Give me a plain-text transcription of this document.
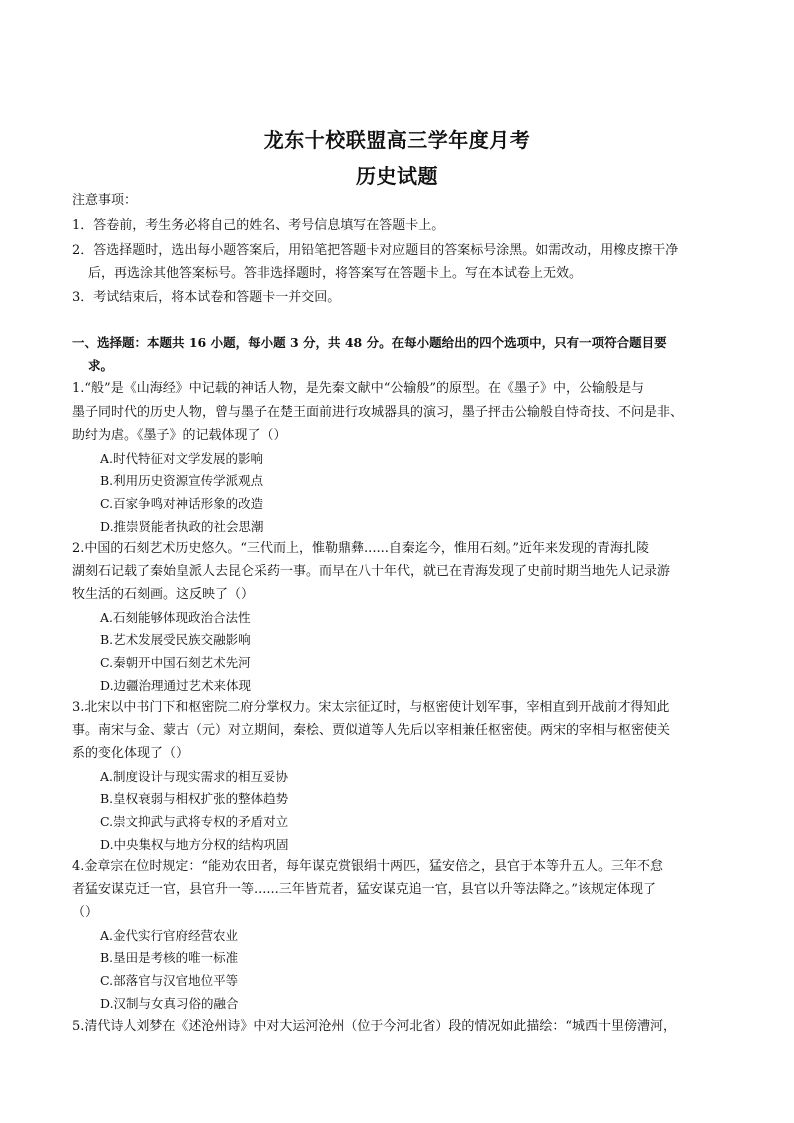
龙东十校联盟高三学年度月考
历史试题
注意事项：
1．答卷前，考生务必将自己的姓名、考号信息填写在答题卡上。
2．答选择题时，选出每小题答案后，用铅笔把答题卡对应题目的答案标号涂黑。如需改动，用橡皮擦干净
后，再选涂其他答案标号。答非选择题时，将答案写在答题卡上。写在本试卷上无效。
3．考试结束后，将本试卷和答题卡一并交回。
一、选择题：本题共 16 小题，每小题 3 分，共 48 分。在每小题给出的四个选项中，只有一项符合题目要
求。
1.“般”是《山海经》中记载的神话人物，是先秦文献中“公输般”的原型。在《墨子》中，公输般是与
墨子同时代的历史人物，曾与墨子在楚王面前进行攻城器具的演习，墨子抨击公输般自恃奇技、不问是非、
助纣为虐。《墨子》的记载体现了（）
A.时代特征对文学发展的影响
B.利用历史资源宣传学派观点
C.百家争鸣对神话形象的改造
D.推崇贤能者执政的社会思潮
2.中国的石刻艺术历史悠久。“三代而上，惟勒鼎彝......自秦迄今，惟用石刻。”近年来发现的青海扎陵
湖刻石记载了秦始皇派人去昆仑采药一事。而早在八十年代，就已在青海发现了史前时期当地先人记录游
牧生活的石刻画。这反映了（）
A.石刻能够体现政治合法性
B.艺术发展受民族交融影响
C.秦朝开中国石刻艺术先河
D.边疆治理通过艺术来体现
3.北宋以中书门下和枢密院二府分掌权力。宋太宗征辽时，与枢密使计划军事，宰相直到开战前才得知此
事。南宋与金、蒙古（元）对立期间，秦桧、贾似道等人先后以宰相兼任枢密使。两宋的宰相与枢密使关
系的变化体现了（）
A.制度设计与现实需求的相互妥协
B.皇权衰弱与相权扩张的整体趋势
C.崇文抑武与武将专权的矛盾对立
D.中央集权与地方分权的结构巩固
4.金章宗在位时规定：“能劝农田者，每年谋克赏银绢十两匹，猛安倍之，县官于本等升五人。三年不怠
者猛安谋克迁一官，县官升一等......三年皆荒者，猛安谋克追一官，县官以升等法降之。”该规定体现了
（）
A.金代实行官府经营农业
B.垦田是考核的唯一标准
C.部落官与汉官地位平等
D.汉制与女真习俗的融合
5.清代诗人刘梦在《述沧州诗》中对大运河沧州（位于今河北省）段的情况如此描绘：“城西十里傍漕河，
